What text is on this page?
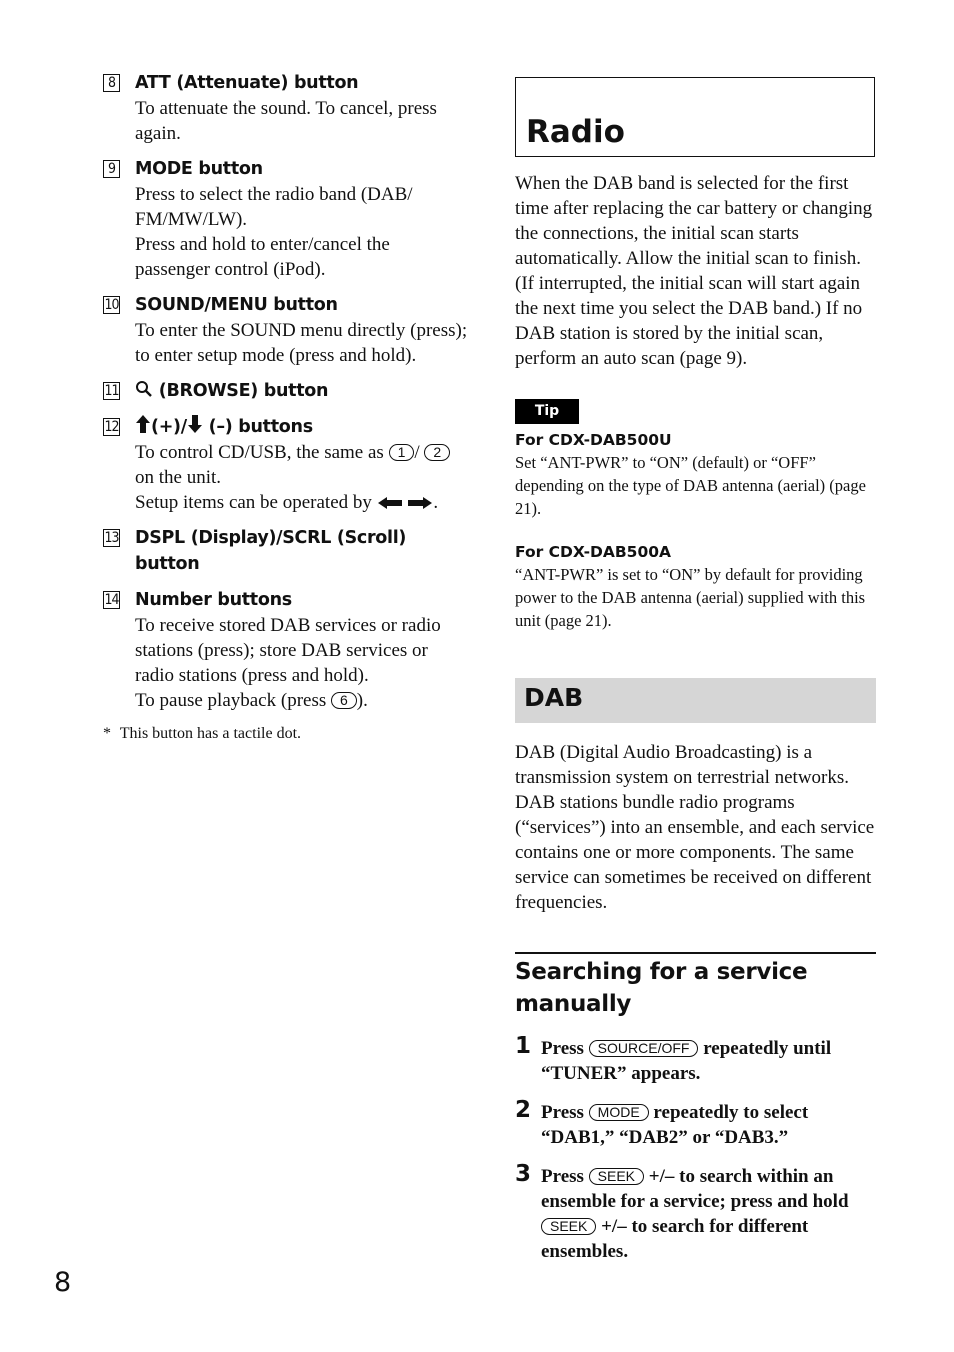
8 ATT (Attenuate) button
To attenuate the sound. To cancel, press again.
9 MODE button
Press to select the radio band (DAB/ FM/MW/LW).
Press and hold to enter/cancel the passenger control (iPod).
10 SOUND/MENU button
To enter the SOUND menu directly (press); to enter setup mode (press and hold).
11	(BROWSE) button
12	(+)/ (–) buttons
To control CD/USB, the same as 1 / 2 on the unit.
Setup items can be operated by	.
13 DSPL (Display)/SCRL (Scroll) button
14 Number buttons
To receive stored DAB services or radio stations (press); store DAB services or radio stations (press and hold).
To pause playback (press 6 ).
* This button has a tactile dot.
Radio
When the DAB band is selected for the first time after replacing the car battery or changing the connections, the initial scan starts automatically. Allow the initial scan to finish. (If interrupted, the initial scan will start again the next time you select the DAB band.) If no DAB station is stored by the initial scan, perform an auto scan (page 9).
Tip
For CDX-DAB500U
Set “ANT-PWR” to “ON” (default) or “OFF” depending on the type of DAB antenna (aerial) (page 21).
For CDX-DAB500A
“ANT-PWR” is set to “ON” by default for providing power to the DAB antenna (aerial) supplied with this unit (page 21).
DAB
DAB (Digital Audio Broadcasting) is a transmission system on terrestrial networks. DAB stations bundle radio programs (“services”) into an ensemble, and each service contains one or more components. The same service can sometimes be received on different frequencies.
Searching for a service manually
1 Press SOURCE/OFF repeatedly until “TUNER” appears.
2 Press MODE repeatedly to select “DAB1,” “DAB2” or “DAB3.”
3 Press SEEK +/– to search within an ensemble for a service; press and hold SEEK +/– to search for different ensembles.
8
